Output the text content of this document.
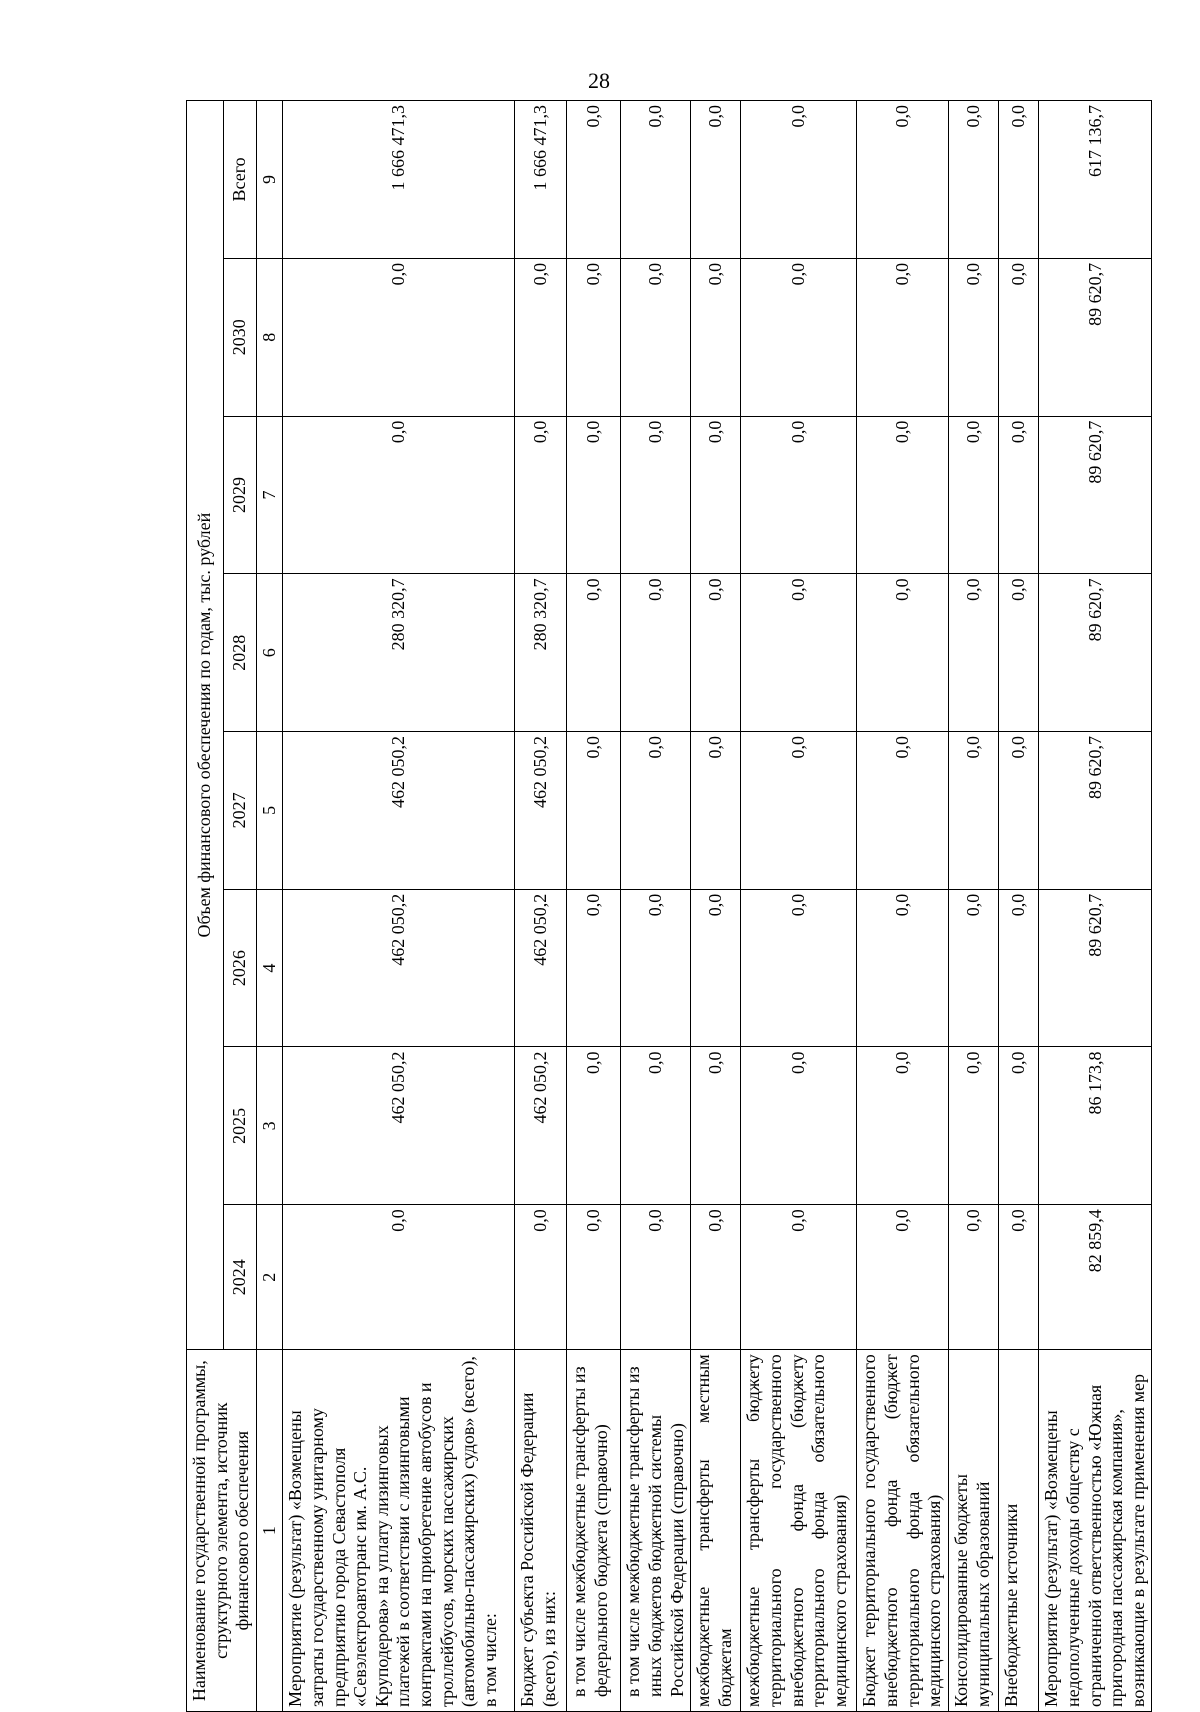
28
Наименование государственной программы, структурного элемента, источник финансового обеспечения	Объем финансового обеспечения по годам, тыс. рублей							
	2024	2025	2026	2027	2028	2029	2030	Всего
1	2	3	4	5	6	7	8	9
Мероприятие (результат) «Возмещены затраты государственному унитарному предприятию города Севастополя «Севэлектроавтотранс им. А.С. Круподерова» на уплату лизинговых платежей в соответствии с лизинговыми контрактами на приобретение автобусов и троллейбусов, морских пассажирских (автомобильно-пассажирских) судов» (всего), в том числе:	0,0	462 050,2	462 050,2	462 050,2	280 320,7	0,0	0,0	1 666 471,3
Бюджет субъекта Российской Федерации (всего), из них:	0,0	462 050,2	462 050,2	462 050,2	280 320,7	0,0	0,0	1 666 471,3
в том числе межбюджетные трансферты из федерального бюджета (справочно)	0,0	0,0	0,0	0,0	0,0	0,0	0,0	0,0
в том числе межбюджетные трансферты из иных бюджетов бюджетной системы Российской Федерации (справочно)	0,0	0,0	0,0	0,0	0,0	0,0	0,0	0,0
межбюджетные трансферты местным бюджетам	0,0	0,0	0,0	0,0	0,0	0,0	0,0	0,0
межбюджетные трансферты бюджету территориального государственного внебюджетного фонда (бюджету территориального фонда обязательного медицинского страхования)	0,0	0,0	0,0	0,0	0,0	0,0	0,0	0,0
Бюджет территориального государственного внебюджетного фонда (бюджет территориального фонда обязательного медицинского страхования)	0,0	0,0	0,0	0,0	0,0	0,0	0,0	0,0
Консолидированные бюджеты муниципальных образований	0,0	0,0	0,0	0,0	0,0	0,0	0,0	0,0
Внебюджетные источники	0,0	0,0	0,0	0,0	0,0	0,0	0,0	0,0
Мероприятие (результат) «Возмещены недополученные доходы обществу с ограниченной ответственностью «Южная пригородная пассажирская компания», возникающие в результате применения мер	82 859,4	86 173,8	89 620,7	89 620,7	89 620,7	89 620,7	89 620,7	617 136,7
